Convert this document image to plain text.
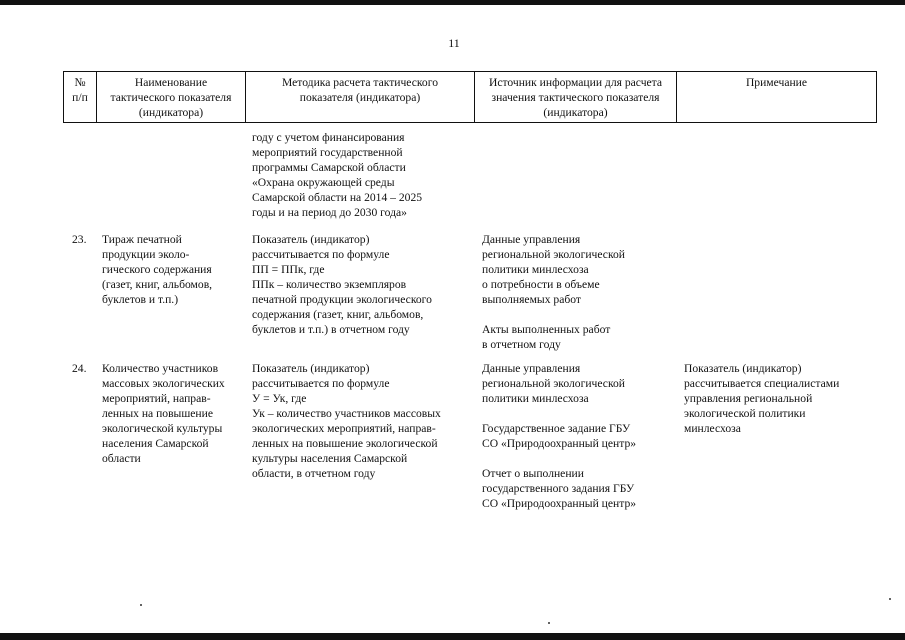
11
№
п/п
Наименование
тактического показателя
(индикатора)
Методика расчета тактического
показателя (индикатора)
Источник информации для расчета
значения тактического показателя
(индикатора)
Примечание
году с учетом финансирования
мероприятий государственной
программы Самарской области
«Охрана окружающей среды
Самарской области на 2014 – 2025
годы и на период до 2030 года»
23. Тираж печатной
продукции эколо-
гического содержания
(газет, книг, альбомов,
буклетов и т.п.)
Показатель (индикатор)
рассчитывается по формуле
ПП = ППк, где
ППк – количество экземпляров
печатной продукции экологического
содержания (газет, книг, альбомов,
буклетов и т.п.) в отчетном году
Данные управления
региональной экологической
политики минлесхоза
о потребности в объеме
выполняемых работ

Акты выполненных работ
в отчетном году
24. Количество участников
массовых экологических
мероприятий, направ-
ленных на повышение
экологической культуры
населения Самарской
области
Показатель (индикатор)
рассчитывается по формуле
У = Ук, где
Ук – количество участников массовых
экологических мероприятий, направ-
ленных на повышение экологической
культуры населения Самарской
области, в отчетном году
Данные управления
региональной экологической
политики минлесхоза

Государственное задание ГБУ
СО «Природоохранный центр»

Отчет о выполнении
государственного задания ГБУ
СО «Природоохранный центр»
Показатель (индикатор)
рассчитывается специалистами
управления региональной
экологической политики
минлесхоза
